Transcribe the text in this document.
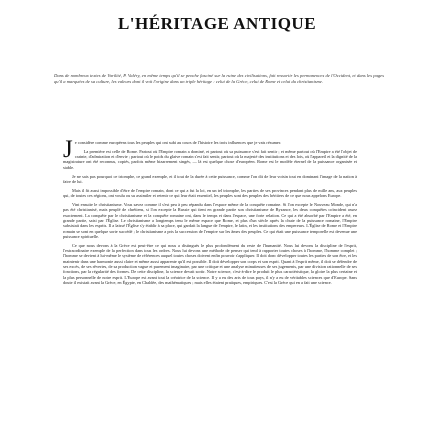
L'HÉRITAGE ANTIQUE

Dans de nombreux textes de Varilité, P. Valéry, en même temps qu'il se penche fasciné sur la ruine des civilisations, fait ressortir les permanences de l'Occident, et dans les pages qu'il a marquées de sa culture, les valeurs dont il voit l'origine dans un triple héritage : celui de la Grèce, celui de Rome et celui du christianisme.

Je considère comme européens tous les peuples qui ont subi au cours de l'histoire les trois influences que je vais résumer.

La première est celle de Rome. Partout où l'Empire romain a dominé, et partout où sa puissance s'est fait sentir ; et même partout où l'Empire a été l'objet de crainte, d'admiration et d'envie ; partout où le poids du glaive romain s'est fait sentir, partout où la majesté des institutions et des lois, où l'appareil et la dignité de la magistrature ont été reconnus, copiés, parfois même bizarrement singés, — là est quelque chose d'européen. Rome est le modèle éternel de la puissance organisée et stable.

Je ne sais pas pourquoi ce triomphe, ce grand exemple, et il tout de la durée à cette puissance, comme l'on dit de leur voisin tout en dominant l'image de la nation à faire de lui.

Mais il fit aussi impossible d'être de l'empire romain, dont ce qui a fut la loi, en un tel triomphe, les parties de ses provinces pendant plus de mille ans, aux peuples qui, de toutes ces régions, ont voulu ou su assimiler et retenir ce qui leur était essentiel, les peuples sont des peuples des héritiers de ce que nous appelons Europe.

Vint ensuite le christianisme. Vous savez comme il s'est peu à peu répandu dans l'espace même de la conquête romaine. Si l'on excepte le Nouveau Monde, qui n'a pas été christianisé, mais peuplé de chrétiens, si l'on excepte la Russie qui tient en grande partie son christianisme de Byzance, les deux conquêtes coïncident assez exactement. La conquête par le christianisme et la conquête romaine ont, dans le temps et dans l'espace, une forte relation. Ce qui a été absorbé par l'Empire a été, en grande partie, saisi par l'Église. Le christianisme a longtemps tenu le même espace que Rome, et plus d'un siècle après la chute de la puissance romaine, l'Empire subsistait dans les esprits. Il a laissé l'Église s'y établir à sa place, qui gardait la langue de l'empire, le latin, et les institutions des empereurs. L'Église de Rome et l'Empire romain se sont en quelque sorte succédé ; le christianisme a pris la succession de l'empire sur les âmes des peuples. Ce qui était une puissance temporelle est devenue une puissance spirituelle.

Ce que nous devons à la Grèce est peut-être ce qui nous a distingués le plus profondément du reste de l'humanité. Nous lui devons la discipline de l'esprit, l'extraordinaire exemple de la perfection dans tous les ordres. Nous lui devons une méthode de penser qui tend à rapporter toutes choses à l'homme, l'homme complet ; l'homme se devient à lui-même le système de références auquel toutes choses doivent enfin pouvoir s'appliquer. Il doit donc développer toutes les parties de son être, et les maintenir dans une harmonie aussi claire et même aussi apparente qu'il est possible. Il doit développer son corps et son esprit. Quant à l'esprit même, il doit se défendre de ses excès, de ses rêveries, de sa production vague et purement imaginaire, par une critique et une analyse minutieuses de ses jugements, par une division rationnelle de ses fonctions, par la régularité des formes. De cette discipline, la science devait sortir. Notre science, c'est-à-dire le produit le plus caractéristique, la gloire la plus certaine et la plus personnelle de notre esprit. L'Europe est avant tout la créatrice de la science. Il y a eu des arts de tous pays, il n'y a eu de véritables sciences que d'Europe. Sans doute il existait avant la Grèce, en Égypte, en Chaldée, des mathématiques ; mais elles étaient pratiques, empiriques. C'est la Grèce qui en a fait une science.
